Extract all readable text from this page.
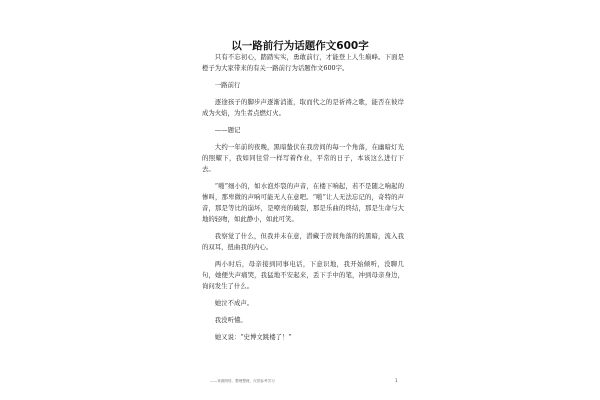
以一路前行为话题作文600字

只有不忘初心，踏踏实实，勇敢前行，才能登上人生巅峰。下面是橙子为大家带来的有关一路前行为话题作文600字。

一路前行

逐途孩子的脚步声逐渐消逝，取而代之的是祈祷之歌，能否在彼岸成为火焰，为生者点燃灯火。

——题记

大约一年前的夜晚，黑暗蛰伏在我房间的每一个角落，在幽暗灯光的照耀下，我如同往常一样写着作业，平常的日子，本该这么进行下去。

“啪”细小的，如水泡炸裂的声音，在楼下响起，若不是随之响起的惨叫，那卑微的声响可能无人在意吧。“啪”让人无法忘记的，奇特的声音，那是等比的崩坏，是嘹亮的破裂，那是乐曲的终结，那是生命与大地的轻吻，如此静小，如此可笑。

我察觉了什么，但我并未在意，潜藏于房间角落的的黑暗，流入我的双耳，扭曲我的内心。

两小时后，母亲接到同事电话，下意识地，我开始倾听，没聊几句，她便失声痛哭，我猛地不安起来，丢下手中的笔，冲到母亲身边，询问发生了什么。

她泣不成声。

我没听懂。

她又说：“史博文跳楼了！”

——来源网络，整理整理，仅供参考学习	1
